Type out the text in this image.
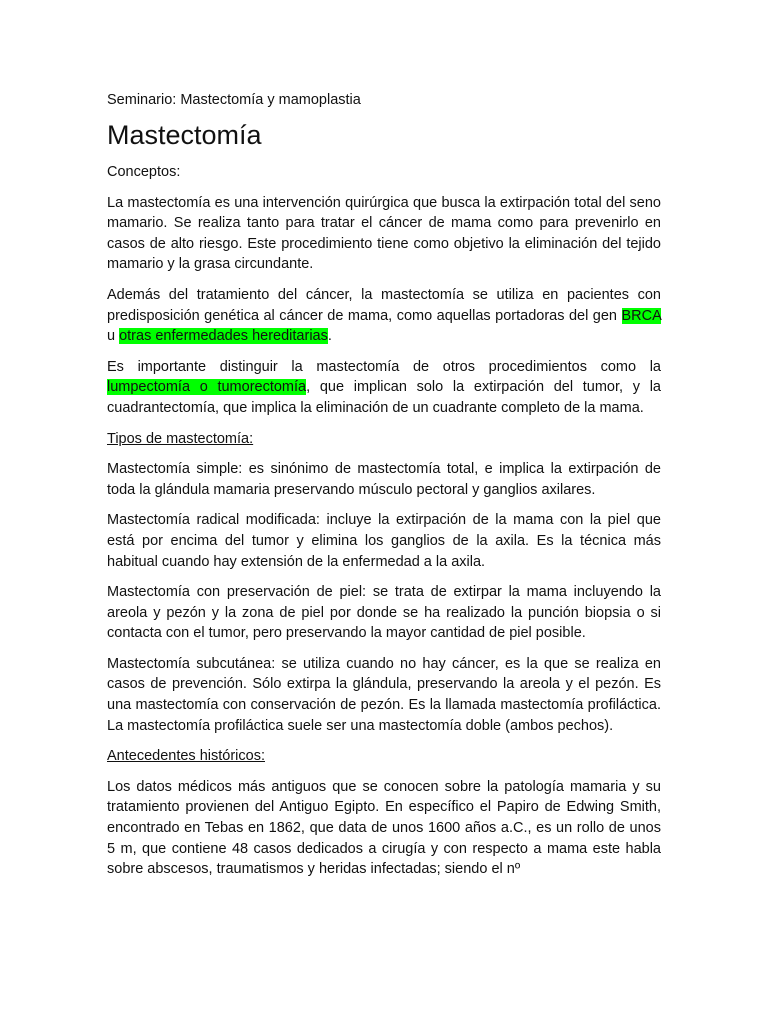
Seminario: Mastectomía y mamoplastia
Mastectomía

Conceptos:

La mastectomía es una intervención quirúrgica que busca la extirpación total del seno mamario. Se realiza tanto para tratar el cáncer de mama como para prevenirlo en casos de alto riesgo. Este procedimiento tiene como objetivo la eliminación del tejido mamario y la grasa circundante.

Además del tratamiento del cáncer, la mastectomía se utiliza en pacientes con predisposición genética al cáncer de mama, como aquellas portadoras del gen BRCA u otras enfermedades hereditarias.

Es importante distinguir la mastectomía de otros procedimientos como la lumpectomía o tumorectomía, que implican solo la extirpación del tumor, y la cuadrantectomía, que implica la eliminación de un cuadrante completo de la mama.

Tipos de mastectomía:

Mastectomía simple: es sinónimo de mastectomía total, e implica la extirpación de toda la glándula mamaria preservando músculo pectoral y ganglios axilares.

Mastectomía radical modificada: incluye la extirpación de la mama con la piel que está por encima del tumor y elimina los ganglios de la axila. Es la técnica más habitual cuando hay extensión de la enfermedad a la axila.

Mastectomía con preservación de piel: se trata de extirpar la mama incluyendo la areola y pezón y la zona de piel por donde se ha realizado la punción biopsia o si contacta con el tumor, pero preservando la mayor cantidad de piel posible.

Mastectomía subcutánea: se utiliza cuando no hay cáncer, es la que se realiza en casos de prevención. Sólo extirpa la glándula, preservando la areola y el pezón. Es una mastectomía con conservación de pezón. Es la llamada mastectomía profiláctica. La mastectomía profiláctica suele ser una mastectomía doble (ambos pechos).

Antecedentes históricos:

Los datos médicos más antiguos que se conocen sobre la patología mamaria y su tratamiento provienen del Antiguo Egipto. En específico el Papiro de Edwing Smith, encontrado en Tebas en 1862, que data de unos 1600 años a.C., es un rollo de unos 5 m, que contiene 48 casos dedicados a cirugía y con respecto a mama este habla sobre abscesos, traumatismos y heridas infectadas; siendo el nº
